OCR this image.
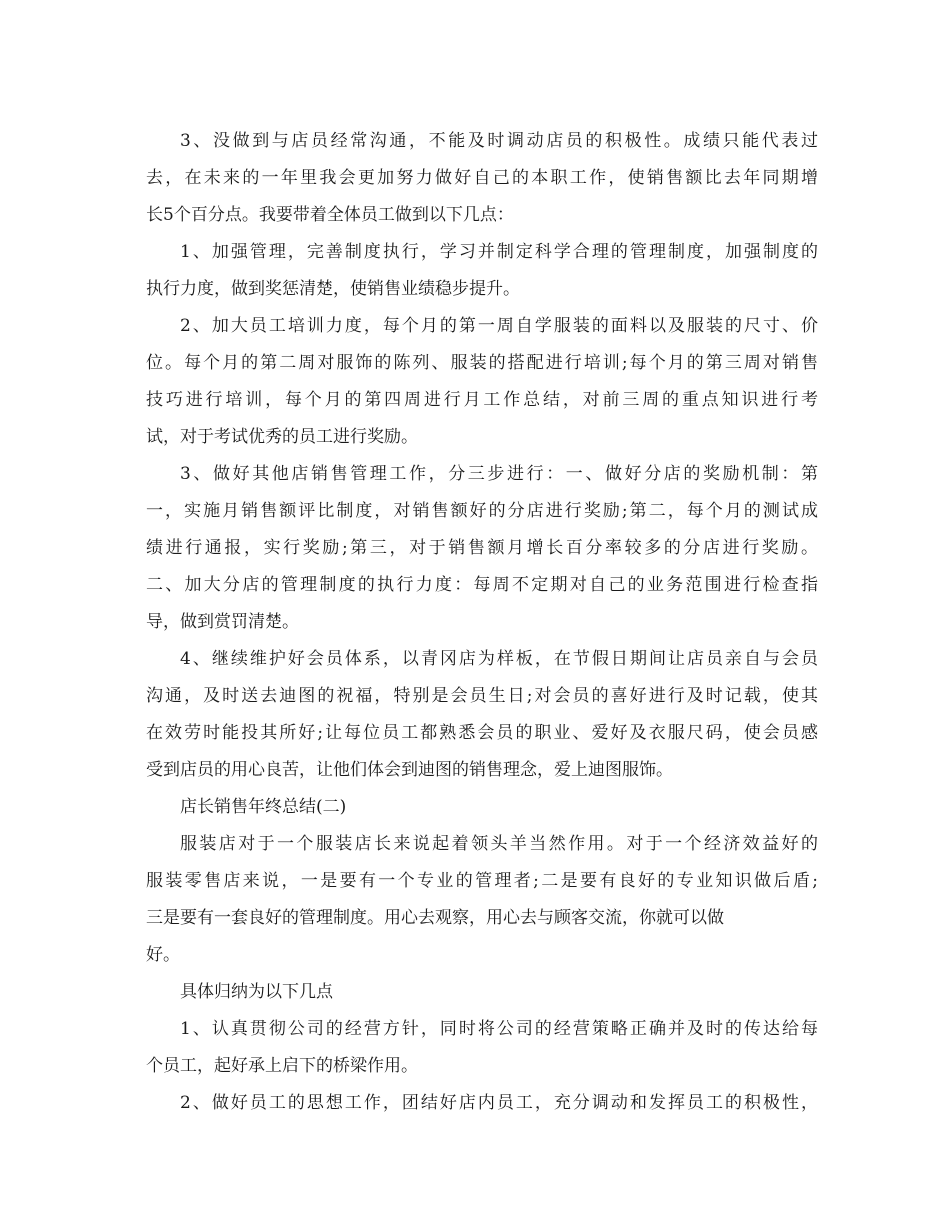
3、没做到与店员经常沟通，不能及时调动店员的积极性。成绩只能代表过
去，在未来的一年里我会更加努力做好自己的本职工作，使销售额比去年同期增
长5个百分点。我要带着全体员工做到以下几点：
1、加强管理，完善制度执行，学习并制定科学合理的管理制度，加强制度的
执行力度，做到奖惩清楚，使销售业绩稳步提升。
2、加大员工培训力度，每个月的第一周自学服装的面料以及服装的尺寸、价
位。每个月的第二周对服饰的陈列、服装的搭配进行培训;每个月的第三周对销售
技巧进行培训，每个月的第四周进行月工作总结，对前三周的重点知识进行考
试，对于考试优秀的员工进行奖励。
3、做好其他店销售管理工作，分三步进行：一、做好分店的奖励机制：第
一，实施月销售额评比制度，对销售额好的分店进行奖励;第二，每个月的测试成
绩进行通报，实行奖励;第三，对于销售额月增长百分率较多的分店进行奖励。
二、加大分店的管理制度的执行力度：每周不定期对自己的业务范围进行检查指
导，做到赏罚清楚。
4、继续维护好会员体系，以青冈店为样板，在节假日期间让店员亲自与会员
沟通，及时送去迪图的祝福，特别是会员生日;对会员的喜好进行及时记载，使其
在效劳时能投其所好;让每位员工都熟悉会员的职业、爱好及衣服尺码，使会员感
受到店员的用心良苦，让他们体会到迪图的销售理念，爱上迪图服饰。
店长销售年终总结(二)
服装店对于一个服装店长来说起着领头羊当然作用。对于一个经济效益好的
服装零售店来说，一是要有一个专业的管理者;二是要有良好的专业知识做后盾;
三是要有一套良好的管理制度。用心去观察，用心去与顾客交流，你就可以做
好。
具体归纳为以下几点
1、认真贯彻公司的经营方针，同时将公司的经营策略正确并及时的传达给每
个员工，起好承上启下的桥梁作用。
2、做好员工的思想工作，团结好店内员工，充分调动和发挥员工的积极性，
